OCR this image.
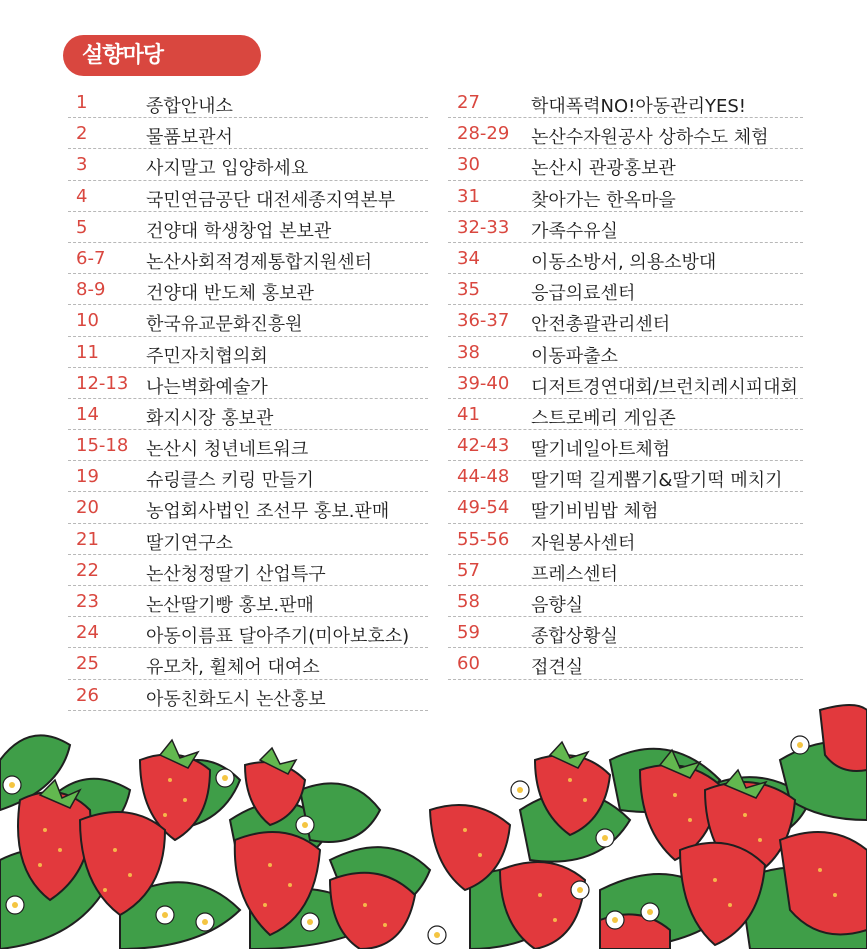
설향마당
1	종합안내소
2	물품보관서
3	사지말고 입양하세요
4	국민연금공단 대전세종지역본부
5	건양대 학생창업 본보관
6-7 논산사회적경제통합지원센터
8-9 건양대 반도체 홍보관
10	한국유교문화진흥원
11	주민자치협의회
12-13 나는벽화예술가
14	화지시장 홍보관
15-18 논산시 청년네트워크
19	슈링클스 키링 만들기
20	농업회사법인 조선무 홍보.판매
21	딸기연구소
22	논산청정딸기 산업특구
23	논산딸기빵 홍보.판매
24	아동이름표 달아주기(미아보호소)
25	유모차, 휠체어 대여소
26	아동친화도시 논산홍보
27	학대폭력NO!아동관리YES!
28-29 논산수자원공사 상하수도 체험
30	논산시 관광홍보관
31	찾아가는 한옥마을
32-33 가족수유실
34	이동소방서, 의용소방대
35	응급의료센터
36-37 안전총괄관리센터
38	이동파출소
39-40 디저트경연대회/브런치레시피대회
41	스트로베리 게임존
42-43 딸기네일아트체험
44-48 딸기떡 길게뽑기&딸기떡 메치기
49-54 딸기비빔밥 체험
55-56 자원봉사센터
57	프레스센터
58	음향실
59	종합상황실
60	접견실
